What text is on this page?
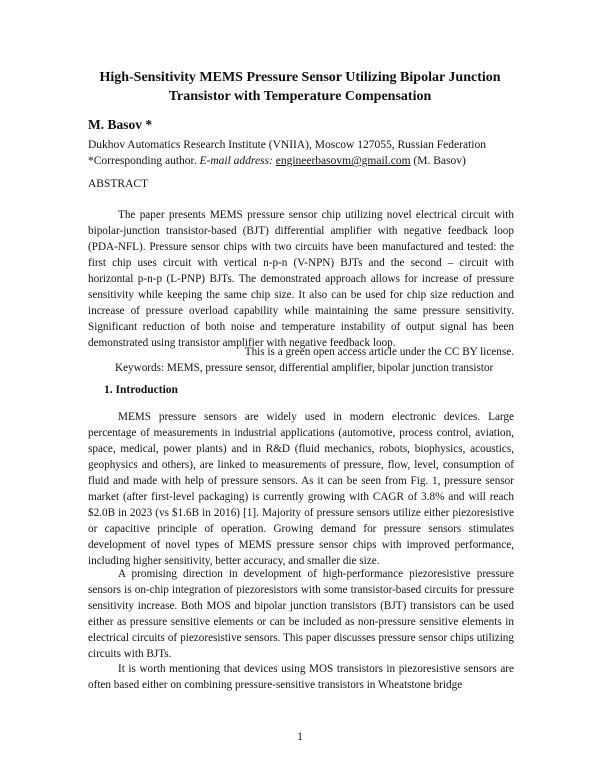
High-Sensitivity MEMS Pressure Sensor Utilizing Bipolar Junction Transistor with Temperature Compensation
M. Basov *
Dukhov Automatics Research Institute (VNIIA), Moscow 127055, Russian Federation
*Corresponding author. E-mail address: engineerbasovm@gmail.com (M. Basov)
ABSTRACT
The paper presents MEMS pressure sensor chip utilizing novel electrical circuit with bipolar-junction transistor-based (BJT) differential amplifier with negative feedback loop (PDA-NFL). Pressure sensor chips with two circuits have been manufactured and tested: the first chip uses circuit with vertical n-p-n (V-NPN) BJTs and the second – circuit with horizontal p-n-p (L-PNP) BJTs. The demonstrated approach allows for increase of pressure sensitivity while keeping the same chip size. It also can be used for chip size reduction and increase of pressure overload capability while maintaining the same pressure sensitivity. Significant reduction of both noise and temperature instability of output signal has been demonstrated using transistor amplifier with negative feedback loop.
This is a green open access article under the CC BY license.
Keywords: MEMS, pressure sensor, differential amplifier, bipolar junction transistor
1. Introduction
MEMS pressure sensors are widely used in modern electronic devices. Large percentage of measurements in industrial applications (automotive, process control, aviation, space, medical, power plants) and in R&D (fluid mechanics, robots, biophysics, acoustics, geophysics and others), are linked to measurements of pressure, flow, level, consumption of fluid and made with help of pressure sensors. As it can be seen from Fig. 1, pressure sensor market (after first-level packaging) is currently growing with CAGR of 3.8% and will reach $2.0B in 2023 (vs $1.6B in 2016) [1]. Majority of pressure sensors utilize either piezoresistive or capacitive principle of operation. Growing demand for pressure sensors stimulates development of novel types of MEMS pressure sensor chips with improved performance, including higher sensitivity, better accuracy, and smaller die size.
A promising direction in development of high-performance piezoresistive pressure sensors is on-chip integration of piezoresistors with some transistor-based circuits for pressure sensitivity increase. Both MOS and bipolar junction transistors (BJT) transistors can be used either as pressure sensitive elements or can be included as non-pressure sensitive elements in electrical circuits of piezoresistive sensors. This paper discusses pressure sensor chips utilizing circuits with BJTs.
It is worth mentioning that devices using MOS transistors in piezoresistive sensors are often based either on combining pressure-sensitive transistors in Wheatstone bridge
1
